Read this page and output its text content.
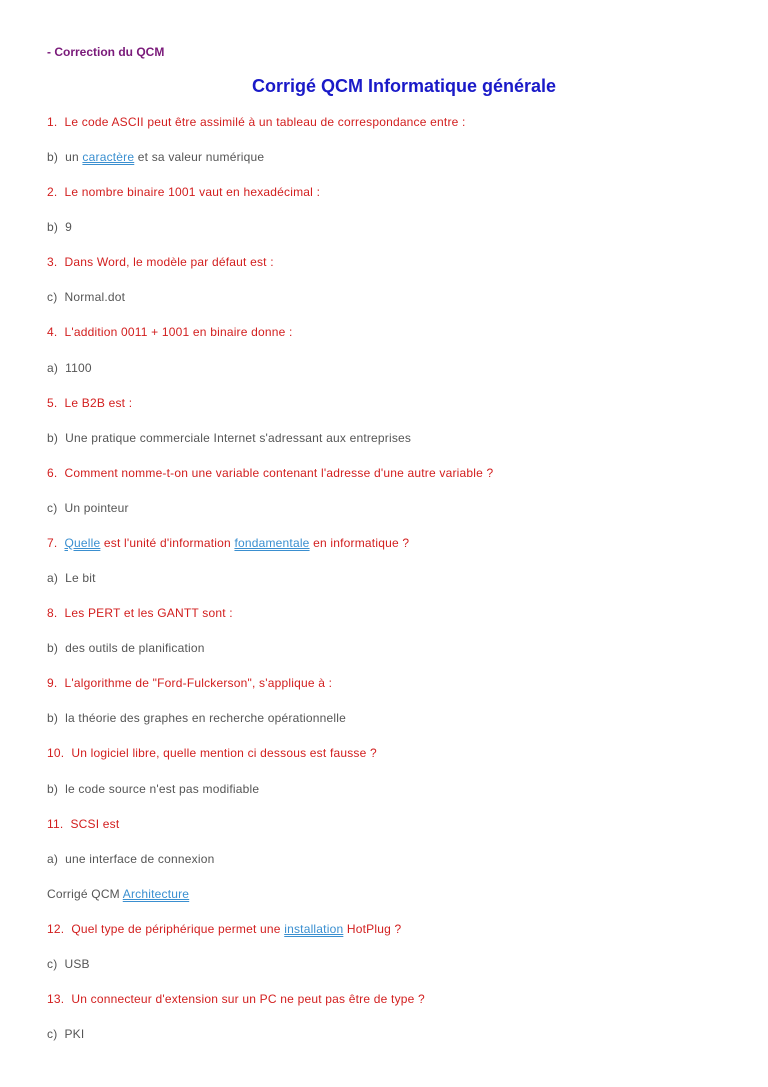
- Correction du QCM
Corrigé QCM Informatique générale
1.  Le code ASCII peut être assimilé à un tableau de correspondance entre :
b)  un caractère et sa valeur numérique
2.  Le nombre binaire 1001 vaut en hexadécimal :
b)  9
3.  Dans Word, le modèle par défaut est :
c)  Normal.dot
4.  L'addition 0011 + 1001 en binaire donne :
a)  1100
5.  Le B2B est :
b)  Une pratique commerciale Internet s'adressant aux entreprises
6.  Comment nomme-t-on une variable contenant l'adresse d'une autre variable ?
c)  Un pointeur
7.  Quelle est l'unité d'information fondamentale en informatique ?
a)  Le bit
8.  Les PERT et les GANTT sont :
b)  des outils de planification
9.  L'algorithme de "Ford-Fulckerson", s'applique à :
b)  la théorie des graphes en recherche opérationnelle
10.  Un logiciel libre, quelle mention ci dessous est fausse ?
b)  le code source n'est pas modifiable
11.  SCSI est
a)  une interface de connexion
Corrigé QCM Architecture
12.  Quel type de périphérique permet une installation HotPlug ?
c)  USB
13.  Un connecteur d'extension sur un PC ne peut pas être de type ?
c)  PKI
